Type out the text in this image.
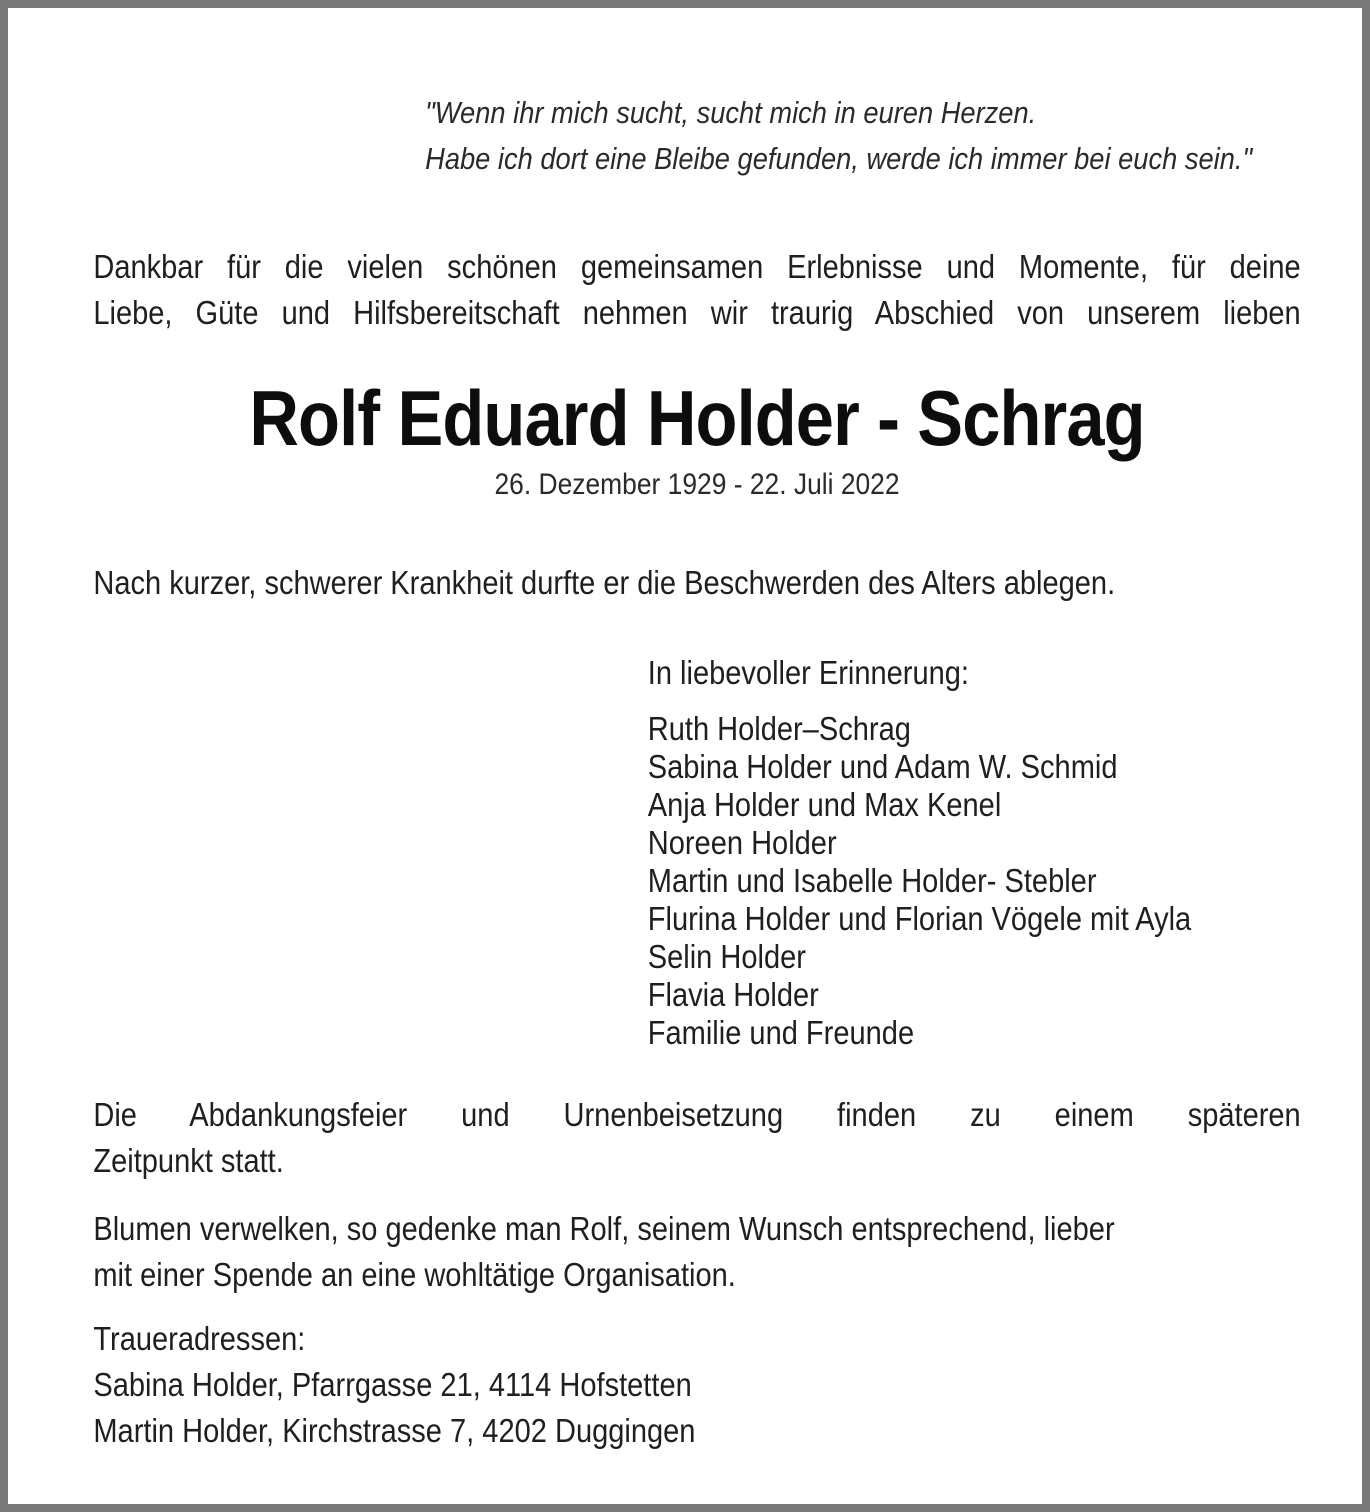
"Wenn ihr mich sucht, sucht mich in euren Herzen.
Habe ich dort eine Bleibe gefunden, werde ich immer bei euch sein."
Dankbar für die vielen schönen gemeinsamen Erlebnisse und Momente, für deine
Liebe, Güte und Hilfsbereitschaft nehmen wir traurig Abschied von unserem lieben
Rolf Eduard Holder - Schrag
26. Dezember 1929 - 22. Juli 2022
Nach kurzer, schwerer Krankheit durfte er die Beschwerden des Alters ablegen.
In liebevoller Erinnerung:
Ruth Holder–Schrag
Sabina Holder und Adam W. Schmid
Anja Holder und Max Kenel
Noreen Holder
Martin und Isabelle Holder- Stebler
Flurina Holder und Florian Vögele mit Ayla
Selin Holder
Flavia Holder
Familie und Freunde
Die Abdankungsfeier und Urnenbeisetzung finden zu einem späteren
Zeitpunkt statt.
Blumen verwelken, so gedenke man Rolf, seinem Wunsch entsprechend, lieber
mit einer Spende an eine wohltätige Organisation.
Traueradressen:
Sabina Holder, Pfarrgasse 21, 4114 Hofstetten
Martin Holder, Kirchstrasse 7, 4202 Duggingen
